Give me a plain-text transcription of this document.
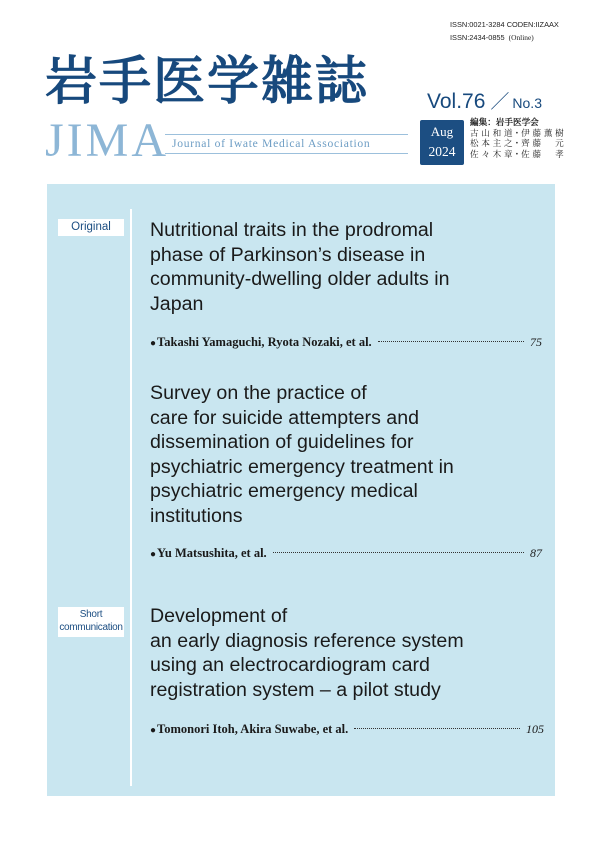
ISSN:0021-3284 CODEN:IIZAAX
ISSN:2434-0855 (Online)
岩手医学雑誌	Vol.76 ／ No.3
JIMA Journal of Iwate Medical Association
Aug
2024
編集：岩手医学会
古 山 和 道・伊 藤 薫 樹
松 本 主 之・齊 藤 　 元
佐 々 木 章・佐 藤 　 孝
Original	Nutritional traits in the prodromal
phase of Parkinson’s disease in
community-dwelling older adults in
Japan
● Takashi Yamaguchi, Ryota Nozaki, et al.	75
Survey on the practice of
care for suicide attempters and
dissemination of guidelines for
psychiatric emergency treatment in
psychiatric emergency medical
institutions
● Yu Matsushita, et al.	87
Short
communication Development of
an early diagnosis reference system
using an electrocardiogram card
registration system – a pilot study
● Tomonori Itoh, Akira Suwabe, et al.	105
